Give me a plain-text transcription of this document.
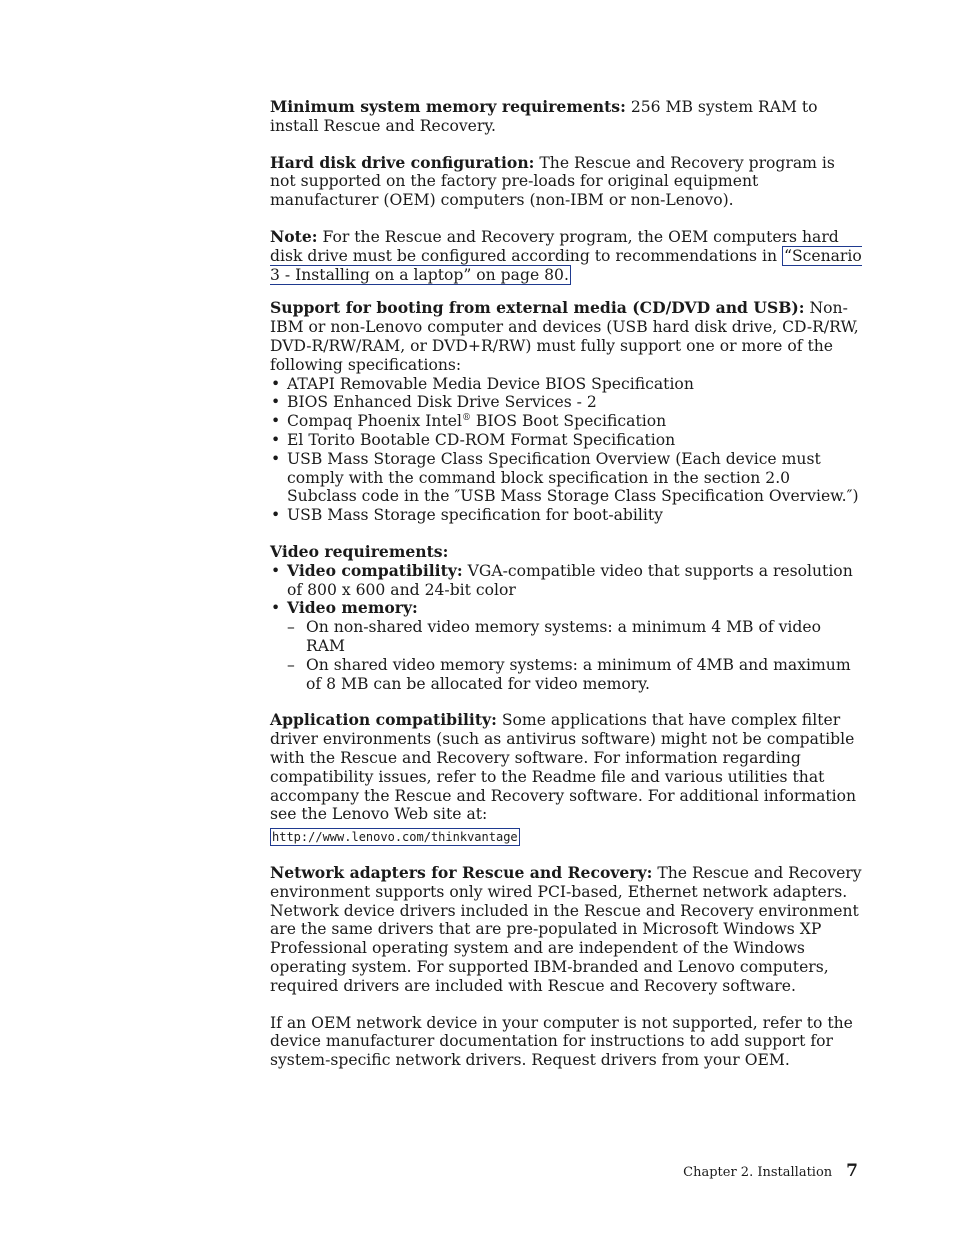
Minimum system memory requirements: 256 MB system RAM to install Rescue and Recovery.

Hard disk drive configuration: The Rescue and Recovery program is not supported on the factory pre-loads for original equipment manufacturer (OEM) computers (non-IBM or non-Lenovo).

Note: For the Rescue and Recovery program, the OEM computers hard disk drive must be configured according to recommendations in “Scenario 3 - Installing on a laptop” on page 80.

Support for booting from external media (CD/DVD and USB): Non-IBM or non-Lenovo computer and devices (USB hard disk drive, CD-R/RW, DVD-R/RW/RAM, or DVD+R/RW) must fully support one or more of the following specifications:

• ATAPI Removable Media Device BIOS Specification
• BIOS Enhanced Disk Drive Services - 2
• Compaq Phoenix Intel® BIOS Boot Specification
• El Torito Bootable CD-ROM Format Specification
• USB Mass Storage Class Specification Overview (Each device must comply with the command block specification in the section 2.0 Subclass code in the ″USB Mass Storage Class Specification Overview.″)
• USB Mass Storage specification for boot-ability

Video requirements:

• Video compatibility: VGA-compatible video that supports a resolution of 800 x 600 and 24-bit color
• Video memory:
– On non-shared video memory systems: a minimum 4 MB of video RAM
– On shared video memory systems: a minimum of 4MB and maximum of 8 MB can be allocated for video memory.

Application compatibility: Some applications that have complex filter driver environments (such as antivirus software) might not be compatible with the Rescue and Recovery software. For information regarding compatibility issues, refer to the Readme file and various utilities that accompany the Rescue and Recovery software. For additional information see the Lenovo Web site at:

http://www.lenovo.com/thinkvantage

Network adapters for Rescue and Recovery: The Rescue and Recovery environment supports only wired PCI-based, Ethernet network adapters. Network device drivers included in the Rescue and Recovery environment are the same drivers that are pre-populated in Microsoft Windows XP Professional operating system and are independent of the Windows operating system. For supported IBM-branded and Lenovo computers, required drivers are included with Rescue and Recovery software.

If an OEM network device in your computer is not supported, refer to the device manufacturer documentation for instructions to add support for system-specific network drivers. Request drivers from your OEM.

Chapter 2. Installation 7
